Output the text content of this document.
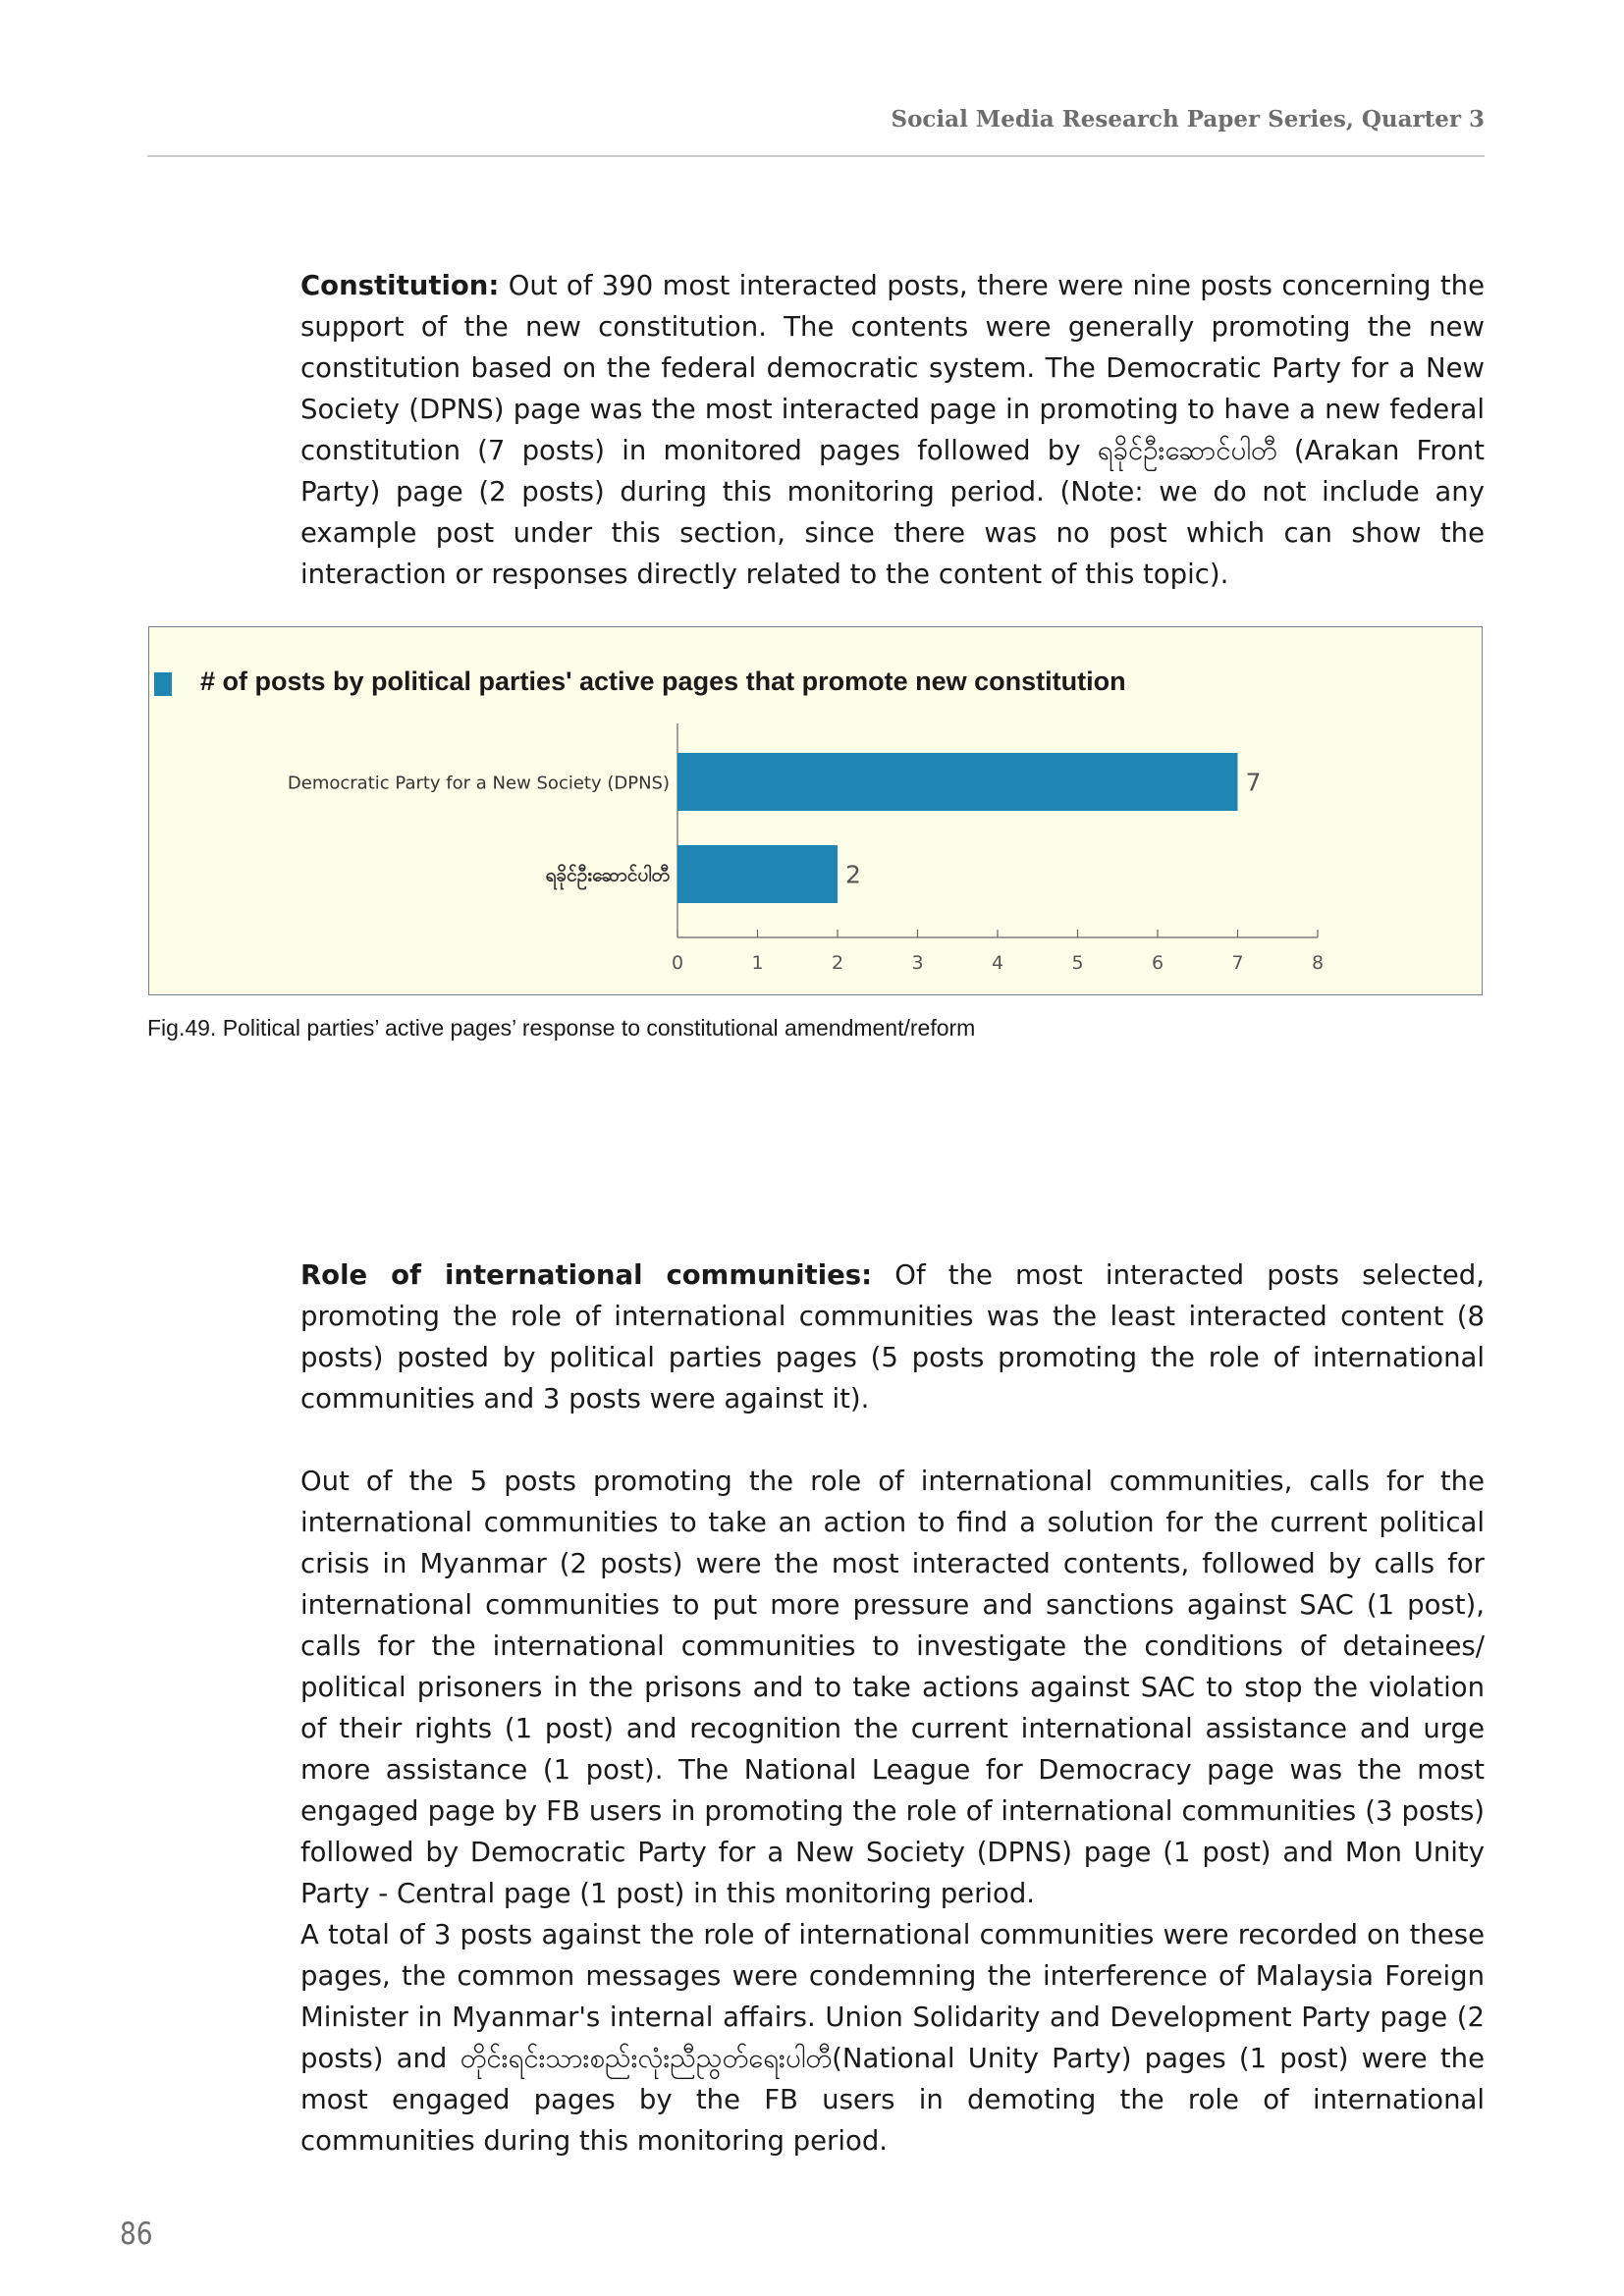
Social Media Research Paper Series, Quarter 3

Constitution: Out of 390 most interacted posts, there were nine posts concerning the support of the new constitution. The contents were generally promoting the new constitution based on the federal democratic system. The Democratic Party for a New Society (DPNS) page was the most interacted page in promoting to have a new federal constitution (7 posts) in monitored pages followed by ရခိုင်ဦးဆောင်ပါတီ (Arakan Front Party) page (2 posts) during this monitoring period. (Note: we do not include any example post under this section, since there was no post which can show the interaction or responses directly related to the content of this topic).

# of posts by political parties' active pages that promote new constitution
0	1	2	3	4	5	6	7	8
7
Democratic Party for a New Society (DPNS)
2
ရခိုင်ဦးဆောင်ပါတီ
Fig.49. Political parties’ active pages’ response to constitutional amendment/reform

Role of international communities: Of the most interacted posts selected, promoting the role of international communities was the least interacted content (8 posts) posted by political parties pages (5 posts promoting the role of international communities and 3 posts were against it).

Out of the 5 posts promoting the role of international communities, calls for the international communities to take an action to find a solution for the current political crisis in Myanmar (2 posts) were the most interacted contents, followed by calls for international communities to put more pressure and sanctions against SAC (1 post), calls for the international communities to investigate the conditions of detainees/ political prisoners in the prisons and to take actions against SAC to stop the violation of their rights (1 post) and recognition the current international assistance and urge more assistance (1 post). The National League for Democracy page was the most engaged page by FB users in promoting the role of international communities (3 posts) followed by Democratic Party for a New Society (DPNS) page (1 post) and Mon Unity Party - Central page (1 post) in this monitoring period.

A total of 3 posts against the role of international communities were recorded on these pages, the common messages were condemning the interference of Malaysia Foreign Minister in Myanmar's internal affairs. Union Solidarity and Development Party page (2 posts) and တိုင်းရင်းသားစည်းလုံးညီညွတ်ရေးပါတီ(National Unity Party) pages (1 post) were the most engaged pages by the FB users in demoting the role of international communities during this monitoring period.

86
